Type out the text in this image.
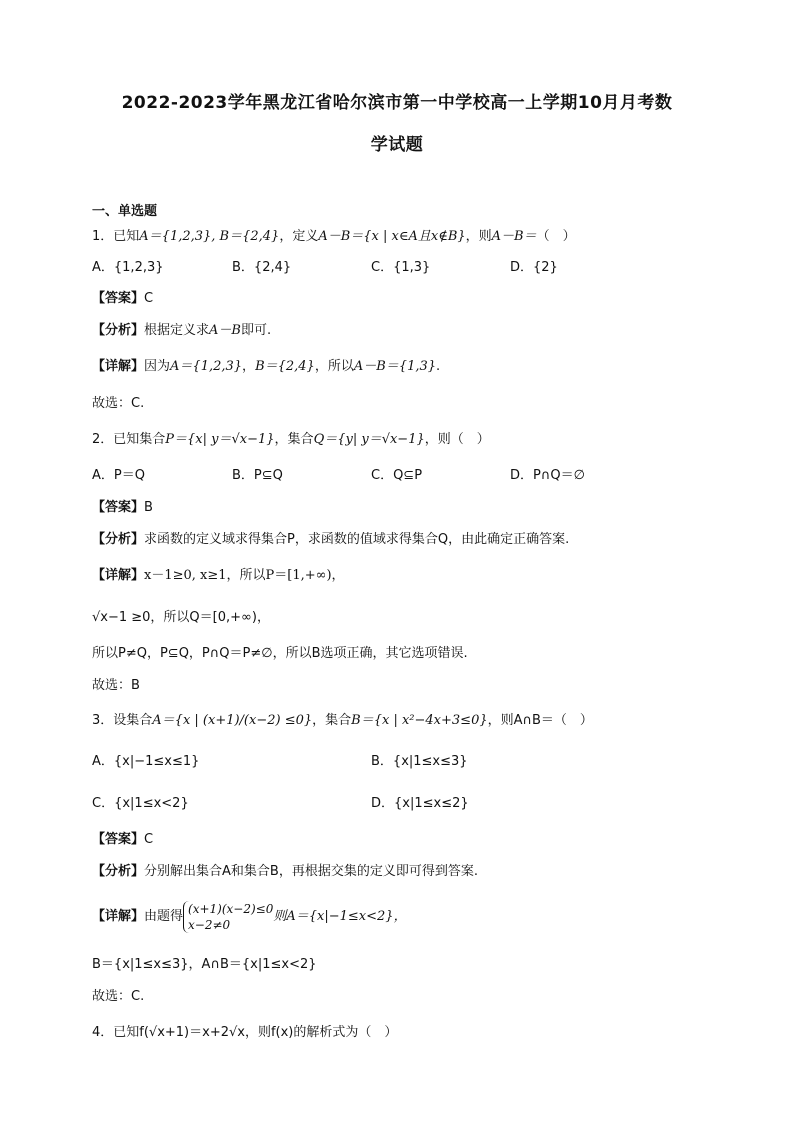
2022-2023学年黑龙江省哈尔滨市第一中学校高一上学期10月月考数
学试题
一、单选题
1．已知A＝{1,2,3}, B＝{2,4}，定义A－B＝{x | x∈A且x∉B}，则A－B＝（　）
A．{1,2,3}	B．{2,4}	C．{1,3}	D．{2}
【答案】C
【分析】根据定义求A－B即可.
【详解】因为A＝{1,2,3}，B＝{2,4}，所以A－B＝{1,3}.
故选：C.
2．已知集合P＝{x| y＝√x−1}，集合Q＝{y| y＝√x−1}，则（　）
A．P＝Q	B．P⊆Q	C．Q⊆P	D．P∩Q＝∅
【答案】B
【分析】求函数的定义域求得集合P，求函数的值域求得集合Q，由此确定正确答案.
【详解】x－1≥0, x≥1，所以P＝[1,+∞)，
√x−1 ≥0，所以Q＝[0,+∞)，
所以P≠Q，P⊆Q，P∩Q＝P≠∅，所以B选项正确，其它选项错误.
故选：B
3．设集合A＝{x | (x+1)/(x−2) ≤0}，集合B＝{x | x²−4x+3≤0}，则A∩B＝（　）
A．{x|−1≤x≤1}	B．{x|1≤x≤3}
C．{x|1≤x<2}	D．{x|1≤x≤2}
【答案】C
【分析】分别解出集合A和集合B，再根据交集的定义即可得到答案.
【详解】由题得
(x+1)(x−2)≤0
x−2≠0
则A＝{x|−1≤x<2}，
B＝{x|1≤x≤3}，A∩B＝{x|1≤x<2}
故选：C.
4．已知f(√x+1)＝x+2√x，则f(x)的解析式为（　）
